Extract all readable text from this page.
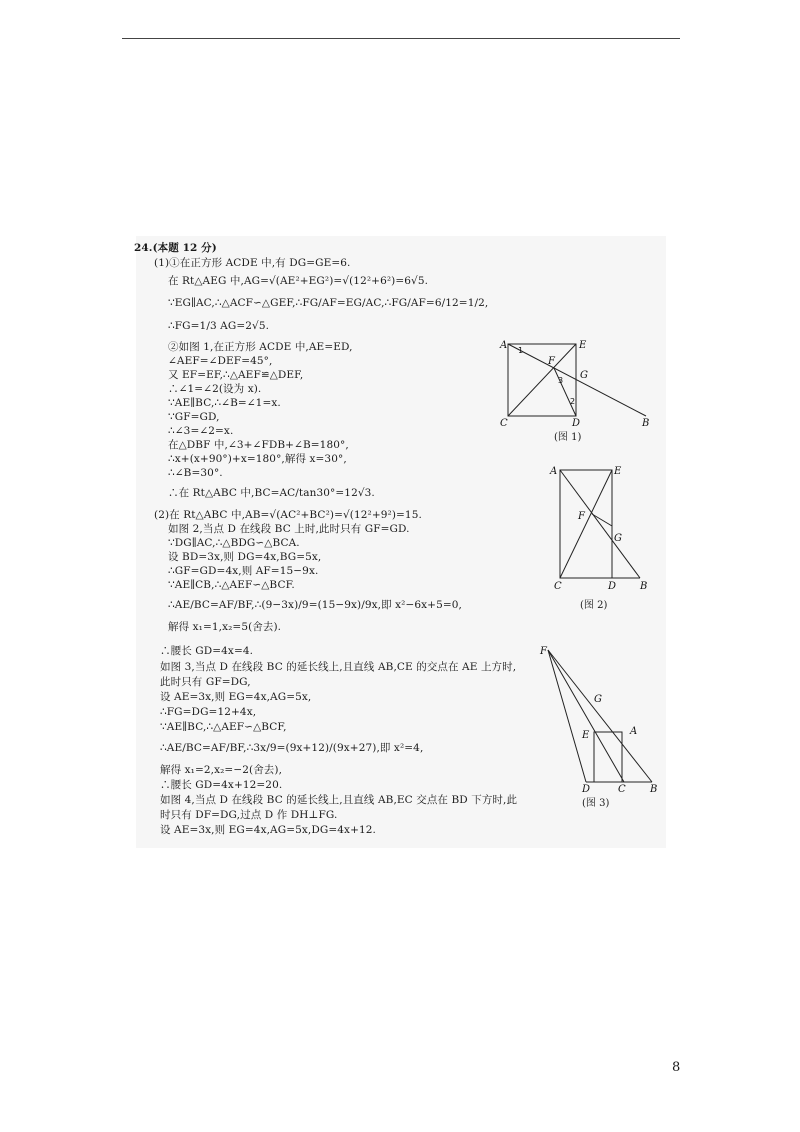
24.(本题 12 分)
(1)①在正方形 ACDE 中,有 DG=GE=6.
在 Rt△AEG 中,AG=√(AE²+EG²)=√(12²+6²)=6√5.
∵EG∥AC,∴△ACF∽△GEF,∴FG/AF=EG/AC,∴FG/AF=6/12=1/2,
∴FG=1/3 AG=2√5.
②如图 1,在正方形 ACDE 中,AE=ED,
∠AEF=∠DEF=45°,
又 EF=EF,∴△AEF≌△DEF,
∴∠1=∠2(设为 x).
∵AE∥BC,∴∠B=∠1=x.
∵GF=GD,
∴∠3=∠2=x.
在△DBF 中,∠3+∠FDB+∠B=180°,
∴x+(x+90°)+x=180°,解得 x=30°,
∴∠B=30°.
∴在 Rt△ABC 中,BC=AC/tan30°=12√3.
(2)在 Rt△ABC 中,AB=√(AC²+BC²)=√(12²+9²)=15.
如图 2,当点 D 在线段 BC 上时,此时只有 GF=GD.
∵DG∥AC,∴△BDG∽△BCA.
设 BD=3x,则 DG=4x,BG=5x,
∴GF=GD=4x,则 AF=15−9x.
∵AE∥CB,∴△AEF∽△BCF.
∴AE/BC=AF/BF,∴(9−3x)/9=(15−9x)/9x,即 x²−6x+5=0,
解得 x₁=1,x₂=5(舍去).
∴腰长 GD=4x=4.
如图 3,当点 D 在线段 BC 的延长线上,且直线 AB,CE 的交点在 AE 上方时,
此时只有 GF=DG,
设 AE=3x,则 EG=4x,AG=5x,
∴FG=DG=12+4x,
∵AE∥BC,∴△AEF∽△BCF,
∴AE/BC=AF/BF,∴3x/9=(9x+12)/(9x+27),即 x²=4,
解得 x₁=2,x₂=−2(舍去),
∴腰长 GD=4x+12=20.
如图 4,当点 D 在线段 BC 的延长线上,且直线 AB,EC 交点在 BD 下方时,此
时只有 DF=DG,过点 D 作 DH⊥FG.
设 AE=3x,则 EG=4x,AG=5x,DG=4x+12.
A	E
F
G
C	D	B
1
2
3
(图 1)
A	E
F
G
C	D B
(图 2)
F
G
A
E
D	C B
(图 3)
8
